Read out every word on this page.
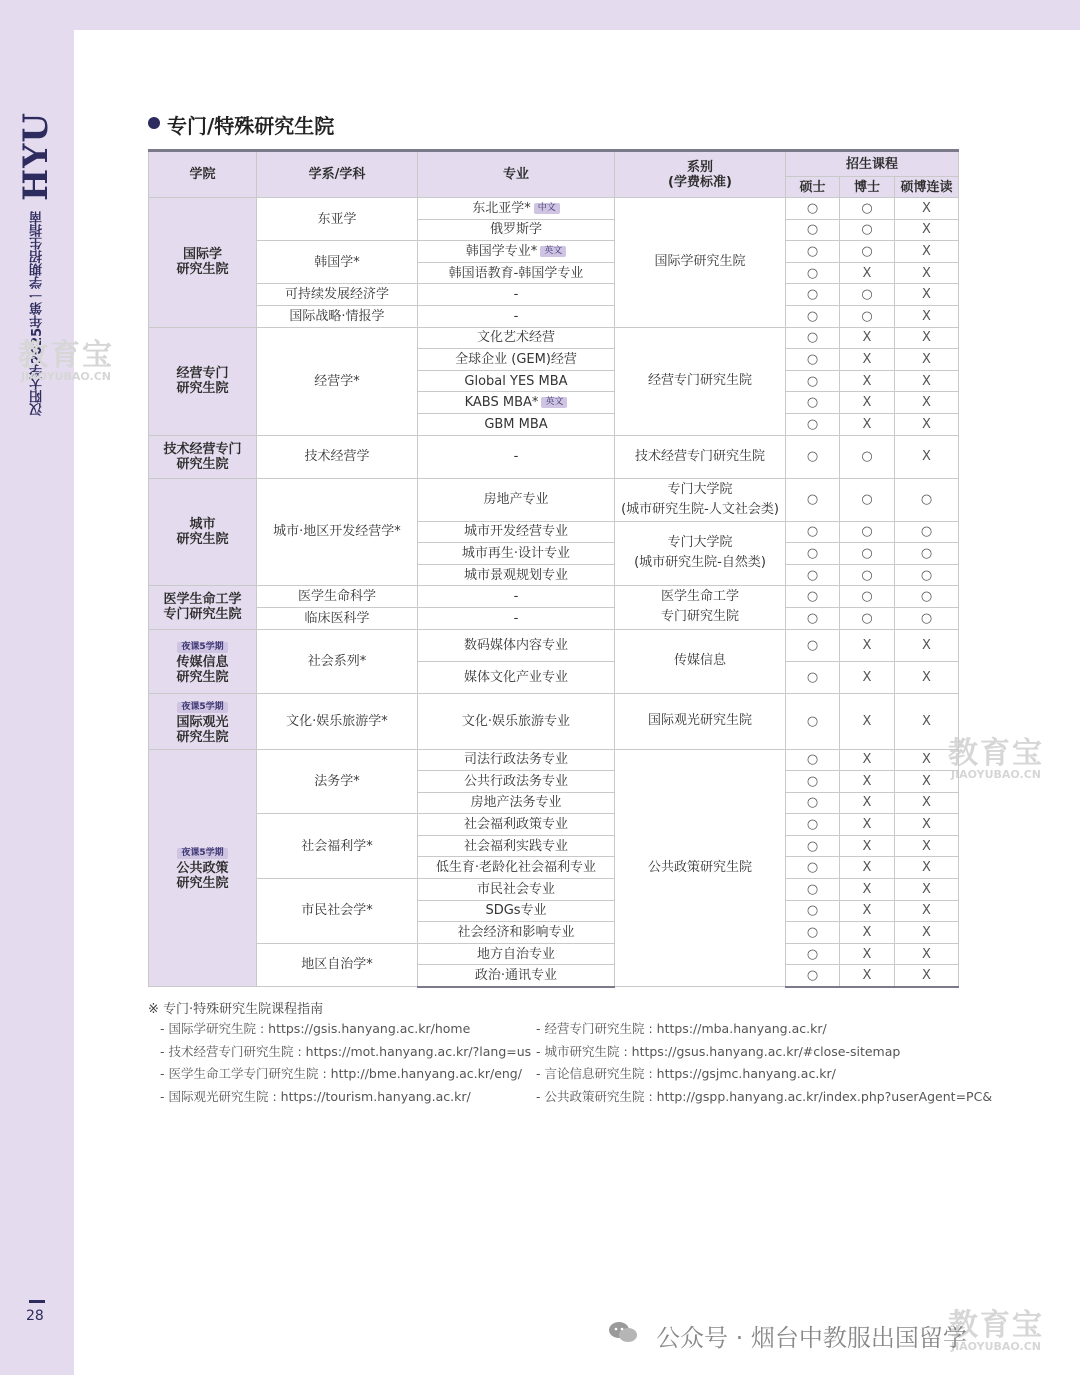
HYU
汉阳大学2025年第一学期招生指南
28
教育宝
JIAOYUBAO.CN
教育宝
JIAOYUBAO.CN
教育宝
JIAOYUBAO.CN
专门/特殊研究生院
学院	学系/学科	专业	系别
(学费标准)	招生课程		
				硕士	博士	硕博连读
国际学
研究生院	东亚学	东北亚学* 中文	国际学研究生院	○	○	X
		俄罗斯学		○	○	X
	韩国学*	韩国学专业* 英文		○	○	X
		韩国语教育-韩国学专业		○	X	X
	可持续发展经济学	-		○	○	X
	国际战略·情报学	-		○	○	X
经营专门
研究生院	经营学*	文化艺术经营	经营专门研究生院	○	X	X
		全球企业 (GEM)经营		○	X	X
		Global YES MBA		○	X	X
		KABS MBA* 英文		○	X	X
		GBM MBA		○	X	X
技术经营专门
研究生院	技术经营学	-	技术经营专门研究生院	○	○	X
城市
研究生院	城市·地区开发经营学*	房地产专业	专门大学院
(城市研究生院-人文社会类)	○	○	○
		城市开发经营专业	专门大学院
(城市研究生院-自然类)	○	○	○
		城市再生·设计专业		○	○	○
		城市景观规划专业		○	○	○
医学生命工学
专门研究生院	医学生命科学	-	医学生命工学
专门研究生院	○	○	○
	临床医科学	-		○	○	○
夜课5学期
传媒信息
研究生院	社会系列*	数码媒体内容专业	传媒信息	○	X	X
		媒体文化产业专业		○	X	X
夜课5学期
国际观光
研究生院	文化·娱乐旅游学*	文化·娱乐旅游专业	国际观光研究生院	○	X	X
夜课5学期
公共政策
研究生院	法务学*	司法行政法务专业	公共政策研究生院	○	X	X
		公共行政法务专业		○	X	X
		房地产法务专业		○	X	X
	社会福利学*	社会福利政策专业		○	X	X
		社会福利实践专业		○	X	X
		低生育·老龄化社会福利专业		○	X	X
	市民社会学*	市民社会专业		○	X	X
		SDGs专业		○	X	X
		社会经济和影响专业		○	X	X
	地区自治学*	地方自治专业		○	X	X
		政治·通讯专业		○	X	X
※ 专门·特殊研究生院课程指南
- 国际学研究生院 : https://gsis.hanyang.ac.kr/home
- 技术经营专门研究生院 : https://mot.hanyang.ac.kr/?lang=us
- 医学生命工学专门研究生院 : http://bme.hanyang.ac.kr/eng/
- 国际观光研究生院 : https://tourism.hanyang.ac.kr/
- 经营专门研究生院 : https://mba.hanyang.ac.kr/
- 城市研究生院 : https://gsus.hanyang.ac.kr/#close-sitemap
- 言论信息研究生院 : https://gsjmc.hanyang.ac.kr/
- 公共政策研究生院 : http://gspp.hanyang.ac.kr/index.php?userAgent=PC&
公众号 · 烟台中教服出国留学
